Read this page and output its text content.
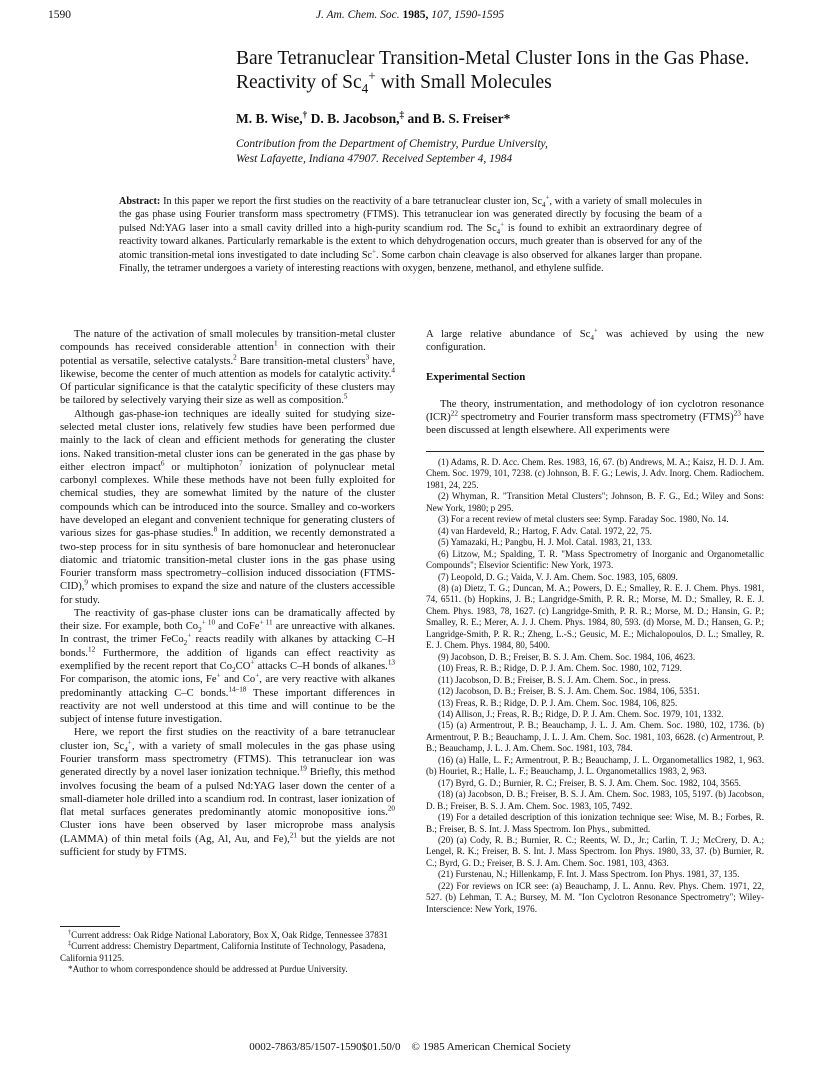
1590	J. Am. Chem. Soc. 1985, 107, 1590-1595
Bare Tetranuclear Transition-Metal Cluster Ions in the Gas Phase. Reactivity of $Sc_4^+$ with Small Molecules
M. B. Wise,† D. B. Jacobson,‡ and B. S. Freiser*
Contribution from the Department of Chemistry, Purdue University,
West Lafayette, Indiana 47907. Received September 4, 1984
Abstract: In this paper we report the first studies on the reactivity of a bare tetranuclear cluster ion, $Sc_4^+$, with a variety of small molecules in the gas phase using Fourier transform mass spectrometry (FTMS). This tetranuclear ion was generated directly by focusing the beam of a pulsed Nd:YAG laser into a small cavity drilled into a high-purity scandium rod. The $Sc_4^+$ is found to exhibit an extraordinary degree of reactivity toward alkanes. Particularly remarkable is the extent to which dehydrogenation occurs, much greater than is observed for any of the atomic transition-metal ions investigated to date including Sc+. Some carbon chain cleavage is also observed for alkanes larger than propane. Finally, the tetramer undergoes a variety of interesting reactions with oxygen, benzene, methanol, and ethylene sulfide.

The nature of the activation of small molecules by transition-metal cluster compounds has received considerable attention$^1$ in connection with their potential as versatile, selective catalysts.$^2$ Bare transition-metal clusters$^3$ have, likewise, become the center of much attention as models for catalytic activity.$^4$ Of particular significance is that the catalytic specificity of these clusters may be tailored by selectively varying their size as well as composition.$^5$

Although gas-phase-ion techniques are ideally suited for studying size-selected metal cluster ions, relatively few studies have been performed due mainly to the lack of clean and efficient methods for generating the cluster ions. Naked transition-metal cluster ions can be generated in the gas phase by either electron impact$^6$ or multiphoton$^7$ ionization of polynuclear metal carbonyl complexes. While these methods have not been fully exploited for chemical studies, they are somewhat limited by the nature of the cluster compounds which can be introduced into the source. Smalley and co-workers have developed an elegant and convenient technique for generating clusters of various sizes for gas-phase studies.$^8$ In addition, we recently demonstrated a two-step process for in situ synthesis of bare homonuclear and heteronuclear diatomic and triatomic transition-metal cluster ions in the gas phase using Fourier transform mass spectrometry–collision induced dissociation (FTMS-CID),$^9$ which promises to expand the size and nature of the clusters accessible for study.

The reactivity of gas-phase cluster ions can be dramatically affected by their size. For example, both $Co_2^{+ 10}$ and CoFe$^{+ 11}$ are unreactive with alkanes. In contrast, the trimer FeCo$_2$+ reacts readily with alkanes by attacking C–H bonds.$^{12}$ Furthermore, the addition of ligands can effect reactivity as exemplified by the recent report that $Co_2CO^+$ attacks C–H bonds of alkanes.$^{13}$ For comparison, the atomic ions, Fe+ and Co+, are very reactive with alkanes predominantly attacking C–C bonds.$^{14-18}$ These important differences in reactivity are not well understood at this time and will continue to be the subject of intense future investigation.

Here, we report the first studies on the reactivity of a bare tetranuclear cluster ion, $Sc_4^+$, with a variety of small molecules in the gas phase using Fourier transform mass spectrometry (FTMS). This tetranuclear ion was generated directly by a novel laser ionization technique.$^{19}$ Briefly, this method involves focusing the beam of a pulsed Nd:YAG laser down the center of a small-diameter hole drilled into a scandium rod. In contrast, laser ionization of flat metal surfaces generates predominantly atomic monopositive ions.$^{20}$ Cluster ions have been observed by laser microprobe mass analysis (LAMMA) of thin metal foils (Ag, Al, Au, and Fe),$^{21}$ but the yields are not sufficient for study by FTMS.

†Current address: Oak Ridge National Laboratory, Box X, Oak Ridge, Tennessee 37831

‡Current address: Chemistry Department, California Institute of Technology, Pasadena, California 91125.

*Author to whom correspondence should be addressed at Purdue University.

A large relative abundance of $Sc_4^+$ was achieved by using the new configuration.

Experimental Section

The theory, instrumentation, and methodology of ion cyclotron resonance (ICR)$^{22}$ spectrometry and Fourier transform mass spectrometry (FTMS)$^{23}$ have been discussed at length elsewhere. All experiments were

(1) Adams, R. D. Acc. Chem. Res. 1983, 16, 67. (b) Andrews, M. A.; Kaisz, H. D. J. Am. Chem. Soc. 1979, 101, 7238. (c) Johnson, B. F. G.; Lewis, J. Adv. Inorg. Chem. Radiochem. 1981, 24, 225.

(2) Whyman, R. "Transition Metal Clusters"; Johnson, B. F. G., Ed.; Wiley and Sons: New York, 1980; p 295.

(3) For a recent review of metal clusters see: Symp. Faraday Soc. 1980, No. 14.

(4) van Hardeveld, R.; Hartog, F. Adv. Catal. 1972, 22, 75.

(5) Yamazaki, H.; Pangbu, H. J. Mol. Catal. 1983, 21, 133.

(6) Litzow, M.; Spalding, T. R. "Mass Spectrometry of Inorganic and Organometallic Compounds"; Elsevior Scientific: New York, 1973.

(7) Leopold, D. G.; Vaida, V. J. Am. Chem. Soc. 1983, 105, 6809.

(8) (a) Dietz, T. G.; Duncan, M. A.; Powers, D. E.; Smalley, R. E. J. Chem. Phys. 1981, 74, 6511. (b) Hopkins, J. B.; Langridge-Smith, P. R. R.; Morse, M. D.; Smalley, R. E. J. Chem. Phys. 1983, 78, 1627. (c) Langridge-Smith, P. R. R.; Morse, M. D.; Hansin, G. P.; Smalley, R. E.; Merer, A. J. J. Chem. Phys. 1984, 80, 593. (d) Morse, M. D.; Hansen, G. P.; Langridge-Smith, P. R. R.; Zheng, L.-S.; Geusic, M. E.; Michalopoulos, D. L.; Smalley, R. E. J. Chem. Phys. 1984, 80, 5400.

(9) Jacobson, D. B.; Freiser, B. S. J. Am. Chem. Soc. 1984, 106, 4623.

(10) Freas, R. B.; Ridge, D. P. J. Am. Chem. Soc. 1980, 102, 7129.

(11) Jacobson, D. B.; Freiser, B. S. J. Am. Chem. Soc., in press.

(12) Jacobson, D. B.; Freiser, B. S. J. Am. Chem. Soc. 1984, 106, 5351.

(13) Freas, R. B.; Ridge, D. P. J. Am. Chem. Soc. 1984, 106, 825.

(14) Allison, J.; Freas, R. B.; Ridge, D. P. J. Am. Chem. Soc. 1979, 101, 1332.

(15) (a) Armentrout, P. B.; Beauchamp, J. L. J. Am. Chem. Soc. 1980, 102, 1736. (b) Armentrout, P. B.; Beauchamp, J. L. J. Am. Chem. Soc. 1981, 103, 6628. (c) Armentrout, P. B.; Beauchamp, J. L. J. Am. Chem. Soc. 1981, 103, 784.

(16) (a) Halle, L. F.; Armentrout, P. B.; Beauchamp, J. L. Organometallics 1982, 1, 963. (b) Houriet, R.; Halle, L. F.; Beauchamp, J. L. Organometallics 1983, 2, 963.

(17) Byrd, G. D.; Burnier, R. C.; Freiser, B. S. J. Am. Chem. Soc. 1982, 104, 3565.

(18) (a) Jacobson, D. B.; Freiser, B. S. J. Am. Chem. Soc. 1983, 105, 5197. (b) Jacobson, D. B.; Freiser, B. S. J. Am. Chem. Soc. 1983, 105, 7492.

(19) For a detailed description of this ionization technique see: Wise, M. B.; Forbes, R. B.; Freiser, B. S. Int. J. Mass Spectrom. Ion Phys., submitted.

(20) (a) Cody, R. B.; Burnier, R. C.; Reents, W. D., Jr.; Carlin, T. J.; McCrery, D. A.; Lengel, R. K.; Freiser, B. S. Int. J. Mass Spectrom. Ion Phys. 1980, 33, 37. (b) Burnier, R. C.; Byrd, G. D.; Freiser, B. S. J. Am. Chem. Soc. 1981, 103, 4363.

(21) Furstenau, N.; Hillenkamp, F. Int. J. Mass Spectrom. Ion Phys. 1981, 37, 135.

(22) For reviews on ICR see: (a) Beauchamp, J. L. Annu. Rev. Phys. Chem. 1971, 22, 527. (b) Lehman, T. A.; Bursey, M. M. "Ion Cyclotron Resonance Spectrometry"; Wiley-Interscience: New York, 1976.

0002-7863/85/1507-1590$01.50/0 © 1985 American Chemical Society
